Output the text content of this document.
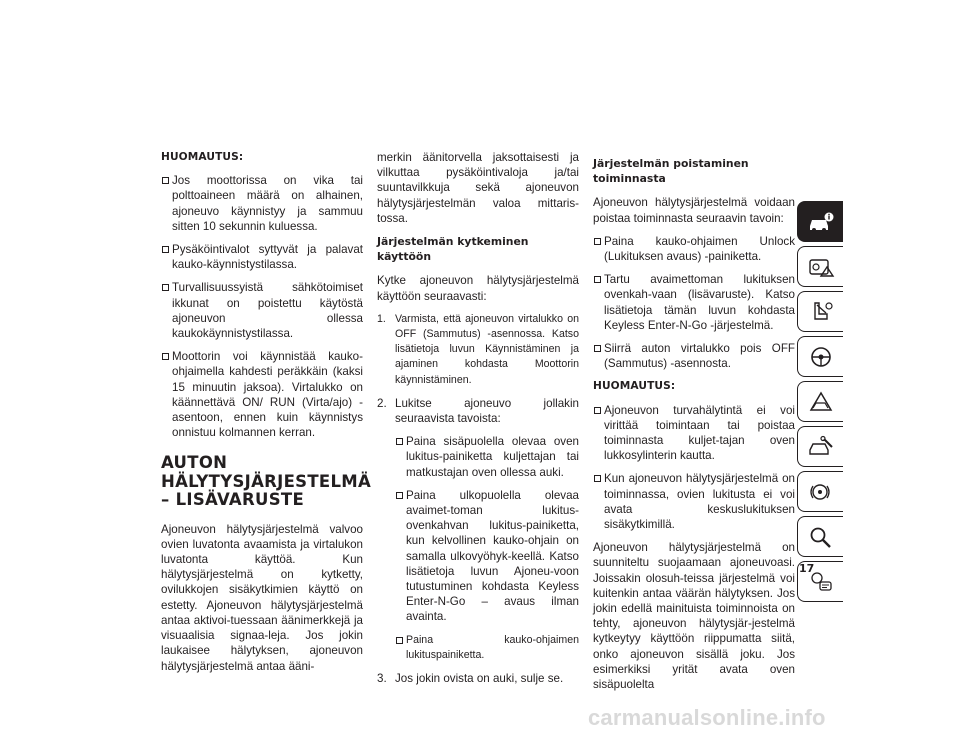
HUOMAUTUS:
Jos moottorissa on vika tai polttoaineen määrä on alhainen, ajoneuvo käynnistyy ja sammuu sitten 10 sekunnin kuluessa.
Pysäköintivalot syttyvät ja palavat kauko-käynnistystilassa.
Turvallisuussyistä sähkötoimiset ikkunat on poistettu käytöstä ajoneuvon ollessa kaukokäynnistystilassa.
Moottorin voi käynnistää kauko-ohjaimella kahdesti peräkkäin (kaksi 15 minuutin jaksoa). Virtalukko on käännettävä ON/ RUN (Virta/ajo) -asentoon, ennen kuin käynnistys onnistuu kolmannen kerran.
AUTON HÄLYTYSJÄRJESTELMÄ – LISÄVARUSTE
Ajoneuvon hälytysjärjestelmä valvoo ovien luvatonta avaamista ja virtalukon luvatonta käyttöä. Kun hälytysjärjestelmä on kytketty, ovilukkojen sisäkytkimien käyttö on estetty. Ajoneuvon hälytysjärjestelmä antaa aktivoi-tuessaan äänimerkkejä ja visuaalisia signaa-leja. Jos jokin laukaisee hälytyksen, ajoneuvon hälytysjärjestelmä antaa ääni-
merkin äänitorvella jaksottaisesti ja vilkuttaa pysäköintivaloja ja/tai suuntavilkkuja sekä ajoneuvon hälytysjärjestelmän valoa mittaris-tossa.
Järjestelmän kytkeminen käyttöön
Kytke ajoneuvon hälytysjärjestelmä käyttöön seuraavasti:
1. Varmista, että ajoneuvon virtalukko on OFF (Sammutus) -asennossa. Katso lisätietoja luvun Käynnistäminen ja ajaminen kohdasta Moottorin käynnistäminen.
2. Lukitse ajoneuvo jollakin seuraavista tavoista:
Paina sisäpuolella olevaa oven lukitus-painiketta kuljettajan tai matkustajan oven ollessa auki.
Paina ulkopuolella olevaa avaimet-toman lukitus-ovenkahvan lukitus-painiketta, kun kelvollinen kauko-ohjain on samalla ulkovyöhyk-keellä. Katso lisätietoja luvun Ajoneu-voon tutustuminen kohdasta Keyless Enter-N-Go – avaus ilman avainta.
Paina kauko-ohjaimen lukituspainiketta.
3. Jos jokin ovista on auki, sulje se.
Järjestelmän poistaminen toiminnasta
Ajoneuvon hälytysjärjestelmä voidaan poistaa toiminnasta seuraavin tavoin:
Paina kauko-ohjaimen Unlock (Lukituksen avaus) -painiketta.
Tartu avaimettoman lukituksen ovenkah-vaan (lisävaruste). Katso lisätietoja tämän luvun kohdasta Keyless Enter-N-Go -järjestelmä.
Siirrä auton virtalukko pois OFF (Sammutus) -asennosta.
HUOMAUTUS:
Ajoneuvon turvahälytintä ei voi virittää toimintaan tai poistaa toiminnasta kuljet-tajan oven lukkosylinterin kautta.
Kun ajoneuvon hälytysjärjestelmä on toiminnassa, ovien lukitusta ei voi avata keskuslukituksen sisäkytkimillä.
Ajoneuvon hälytysjärjestelmä on suunniteltu suojaamaan ajoneuvoasi. Joissakin olosuh-teissa järjestelmä voi kuitenkin antaa väärän hälytyksen. Jos jokin edellä mainituista toiminnoista on tehty, ajoneuvon hälytysjär-jestelmä kytkeytyy käyttöön riippumatta siitä, onko ajoneuvon sisällä joku. Jos esimerkiksi yrität avata oven sisäpuolelta
17
carmanualsonline.info
